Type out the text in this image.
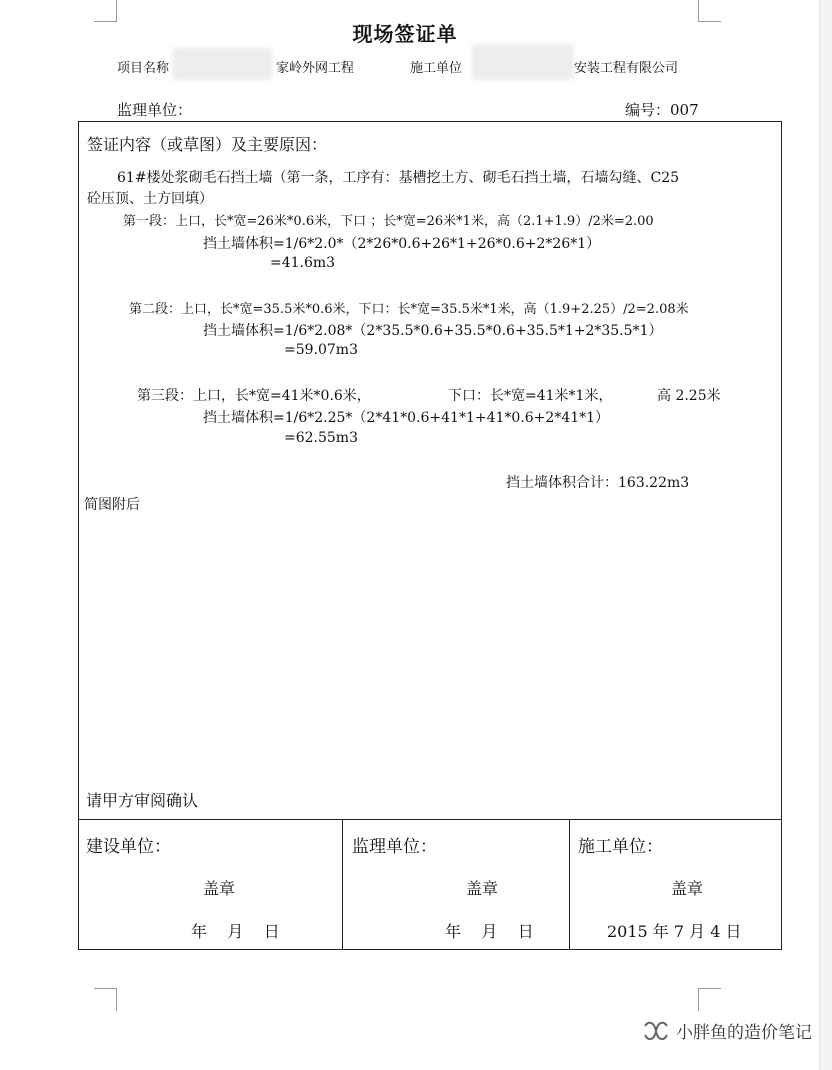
现场签证单
项目名称	家岭外网工程	施工单位	安装工程有限公司
监理单位：	编号：007
签证内容（或草图）及主要原因：
61#楼处浆砌毛石挡土墙（第一条，工序有：基槽挖土方、砌毛石挡土墙，石墙勾缝、C25
砼压顶、土方回填）
第一段：上口，长*宽=26米*0.6米，下口 ；长*宽=26米*1米，高（2.1+1.9）/2米=2.00
挡土墙体积=1/6*2.0*（2*26*0.6+26*1+26*0.6+2*26*1）
=41.6m3
第二段：上口，长*宽=35.5米*0.6米，下口：长*宽=35.5米*1米，高（1.9+2.25）/2=2.08米
挡土墙体积=1/6*2.08*（2*35.5*0.6+35.5*0.6+35.5*1+2*35.5*1）
=59.07m3
第三段：上口，长*宽=41米*0.6米，	下口：长*宽=41米*1米，	高 2.25米
挡土墙体积=1/6*2.25*（2*41*0.6+41*1+41*0.6+2*41*1）
=62.55m3
挡土墙体积合计：163.22m3
简图附后
请甲方审阅确认
建设单位：
盖章
年    月    日
监理单位：
盖章
年    月    日
施工单位：
盖章
2015 年 7 月 4 日
小胖鱼的造价笔记
